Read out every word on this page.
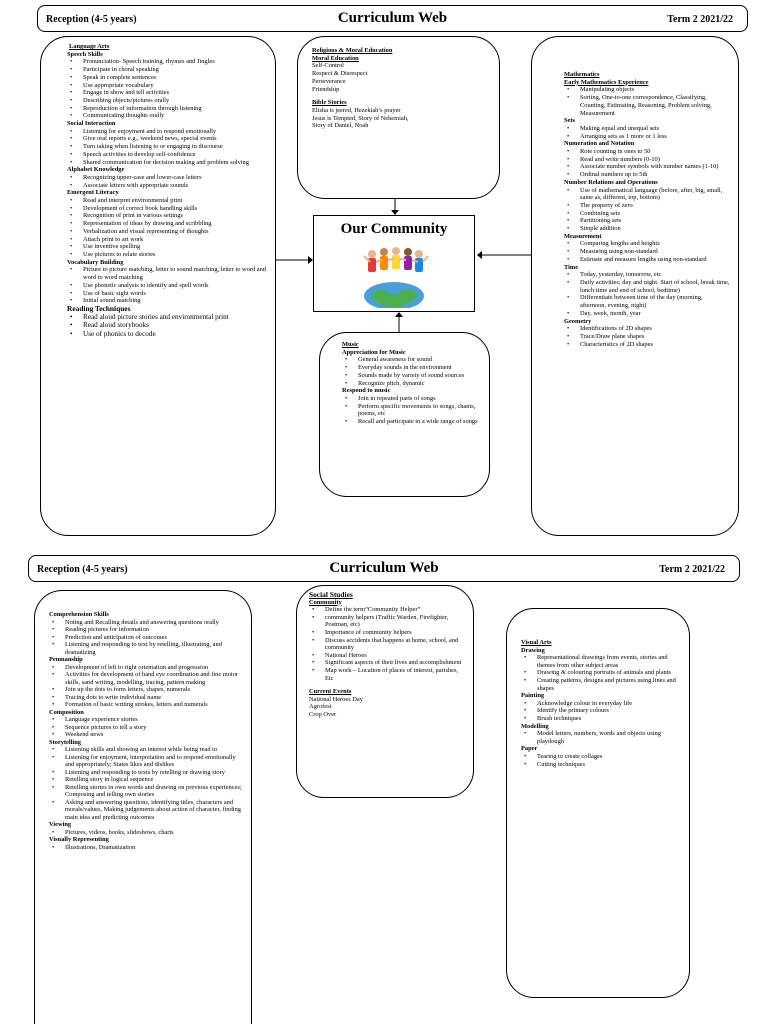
Reception (4-5 years)	Curriculum Web	Term 2 2021/22
Language Arts
Speech Skills
• Pronunciation- Speech training, rhymes and Jingles
• Participate in choral speaking
• Speak in complete sentences
• Use appropriate vocabulary
• Engage in show and tell activities
• Describing objects/pictures orally
• Reproduction of information through listening
• Communicating thoughts orally
Social Interaction
• Listening for enjoyment and to respond emotionally
• Give oral reports e.g., weekend news, special events
• Turn taking when listening to or engaging in discourse
• Speech activities to develop self-confidence
• Shared communication for decision making and problem solving
Alphabet Knowledge
• Recognizing upper-case and lower-case letters
• Associate letters with appropriate sounds
Emergent Literacy
• Read and interpret environmental print
• Development of correct book handling skills
• Recognition of print in various settings
• Representation of ideas by drawing and scribbling
• Verbalization and visual representing of thoughts
• Attach print to art work
• Use inventive spelling
• Use pictures to relate stories
Vocabulary Building
• Picture to picture matching, letter to sound matching, letter to word and word to word matching
• Use phonetic analysis to identify and spell words
• Use of basic sight words
• Initial sound matching
Reading Techniques
• Read aloud picture stories and environmental print
• Read aloud storybooks
• Use of phonics to decode
Religious & Moral Education
Moral Education
Self-Control
Respect & Disrespect
Perseverance
Friendship
Bible Stories
Elisha is jeered, Hezekiah’s prayer
Jesus is Tempted, Story of Nehemiah,
Story of Daniel, Noah
Our Community
Music
Appreciation for Music
• General awareness for sound
• Everyday sounds in the environment
• Sounds made by variety of sound sources
• Recognize pitch, dynamic
Respond to music
• Join in repeated parts of songs
• Perform specific movements to songs, chants, poems, etc
• Recall and participate in a wide range of songs
Mathematics
Early Mathematics Experience
• Manipulating objects
• Sorting, One-to-one correspondence, Classifying, Counting, Estimating, Reasoning, Problem solving, Measurement
Sets
• Making equal and unequal sets
• Arranging sets as 1 more or 1 less
Numeration and Notation
• Rote counting in ones to 50
• Read and write numbers (0-10)
• Associate number symbols with number names (1-10)
• Ordinal numbers up to 5th
Number Relations and Operations
• Use of mathematical language (before, after, big, small, same as, different, top, bottom)
• The property of zero
• Combining sets
• Partitioning sets
• Simple addition
Measurement
• Comparing lengths and heights
• Measuring using non-standard
• Estimate and measure lengths using non-standard
Time
• Today, yesterday, tomorrow, etc
• Daily activities; day and night. Start of school, break time, lunch time and end of school, bedtime)
• Differentiate between time of the day (morning, afternoon, evening, night)
• Day, week, month, year
Geometry
• Identifications of 2D shapes
• Trace/Draw plane shapes
• Characteristics of 2D shapes
Reception (4-5 years)	Curriculum Web	Term 2 2021/22
Comprehension Skills
• Noting and Recalling details and answering questions orally
• Reading pictures for information
• Prediction and anticipation of outcomes
• Listening and responding to text by retelling, illustrating, and dramatizing
Penmanship
• Development of left to right orientation and progression
• Activities for development of hand eye coordination and fine motor skills, sand writing, modelling, tracing, pattern making
• Join up the dots to form letters, shapes, numerals
• Tracing dots to write individual name
• Formation of basic writing strokes, letters and numerals
Composition
• Language experience stories
• Sequence pictures to tell a story
• Weekend news
Storytelling
• Listening skills and showing an interest while being read to
• Listening for enjoyment, interpretation and to respond emotionally and appropriately; States likes and dislikes
• Listening and responding to texts by retelling or drawing story
• Retelling story in logical sequence
• Retelling stories in own words and drawing on previous experiences; Composing and telling own stories
• Asking and answering questions, identifying titles, characters and morals/values, Making judgements about action of character, finding main idea and predicting outcomes
Viewing
• Pictures, videos, books, slideshows, charts
Visually Representing
• Illustrations, Dramatization
Social Studies
Community
• Define the term“Community Helper”
• community helpers (Traffic Warden, Firefighter, Postman, etc)
• Importance of community helpers
• Discuss accidents that happens at home, school, and community
• National Heroes
• Significant aspects of their lives and accomplishment
• Map work – Location of places of interest, parishes, Etc
Current Events
National Heroes Day
Agrofest
Crop Over
Visual Arts
Drawing
• Representational drawings from events, stories and themes from other subject areas
• Drawing & colouring portraits of animals and plants
• Creating patterns, designs and pictures using lines and shapes
Painting
• Acknowledge colour in everyday life
• Identify the primary colours
• Brush techniques
Modelling
• Model letters, numbers, words and objects using playdough
Paper
• Tearing to create collages
• Cutting techniques
